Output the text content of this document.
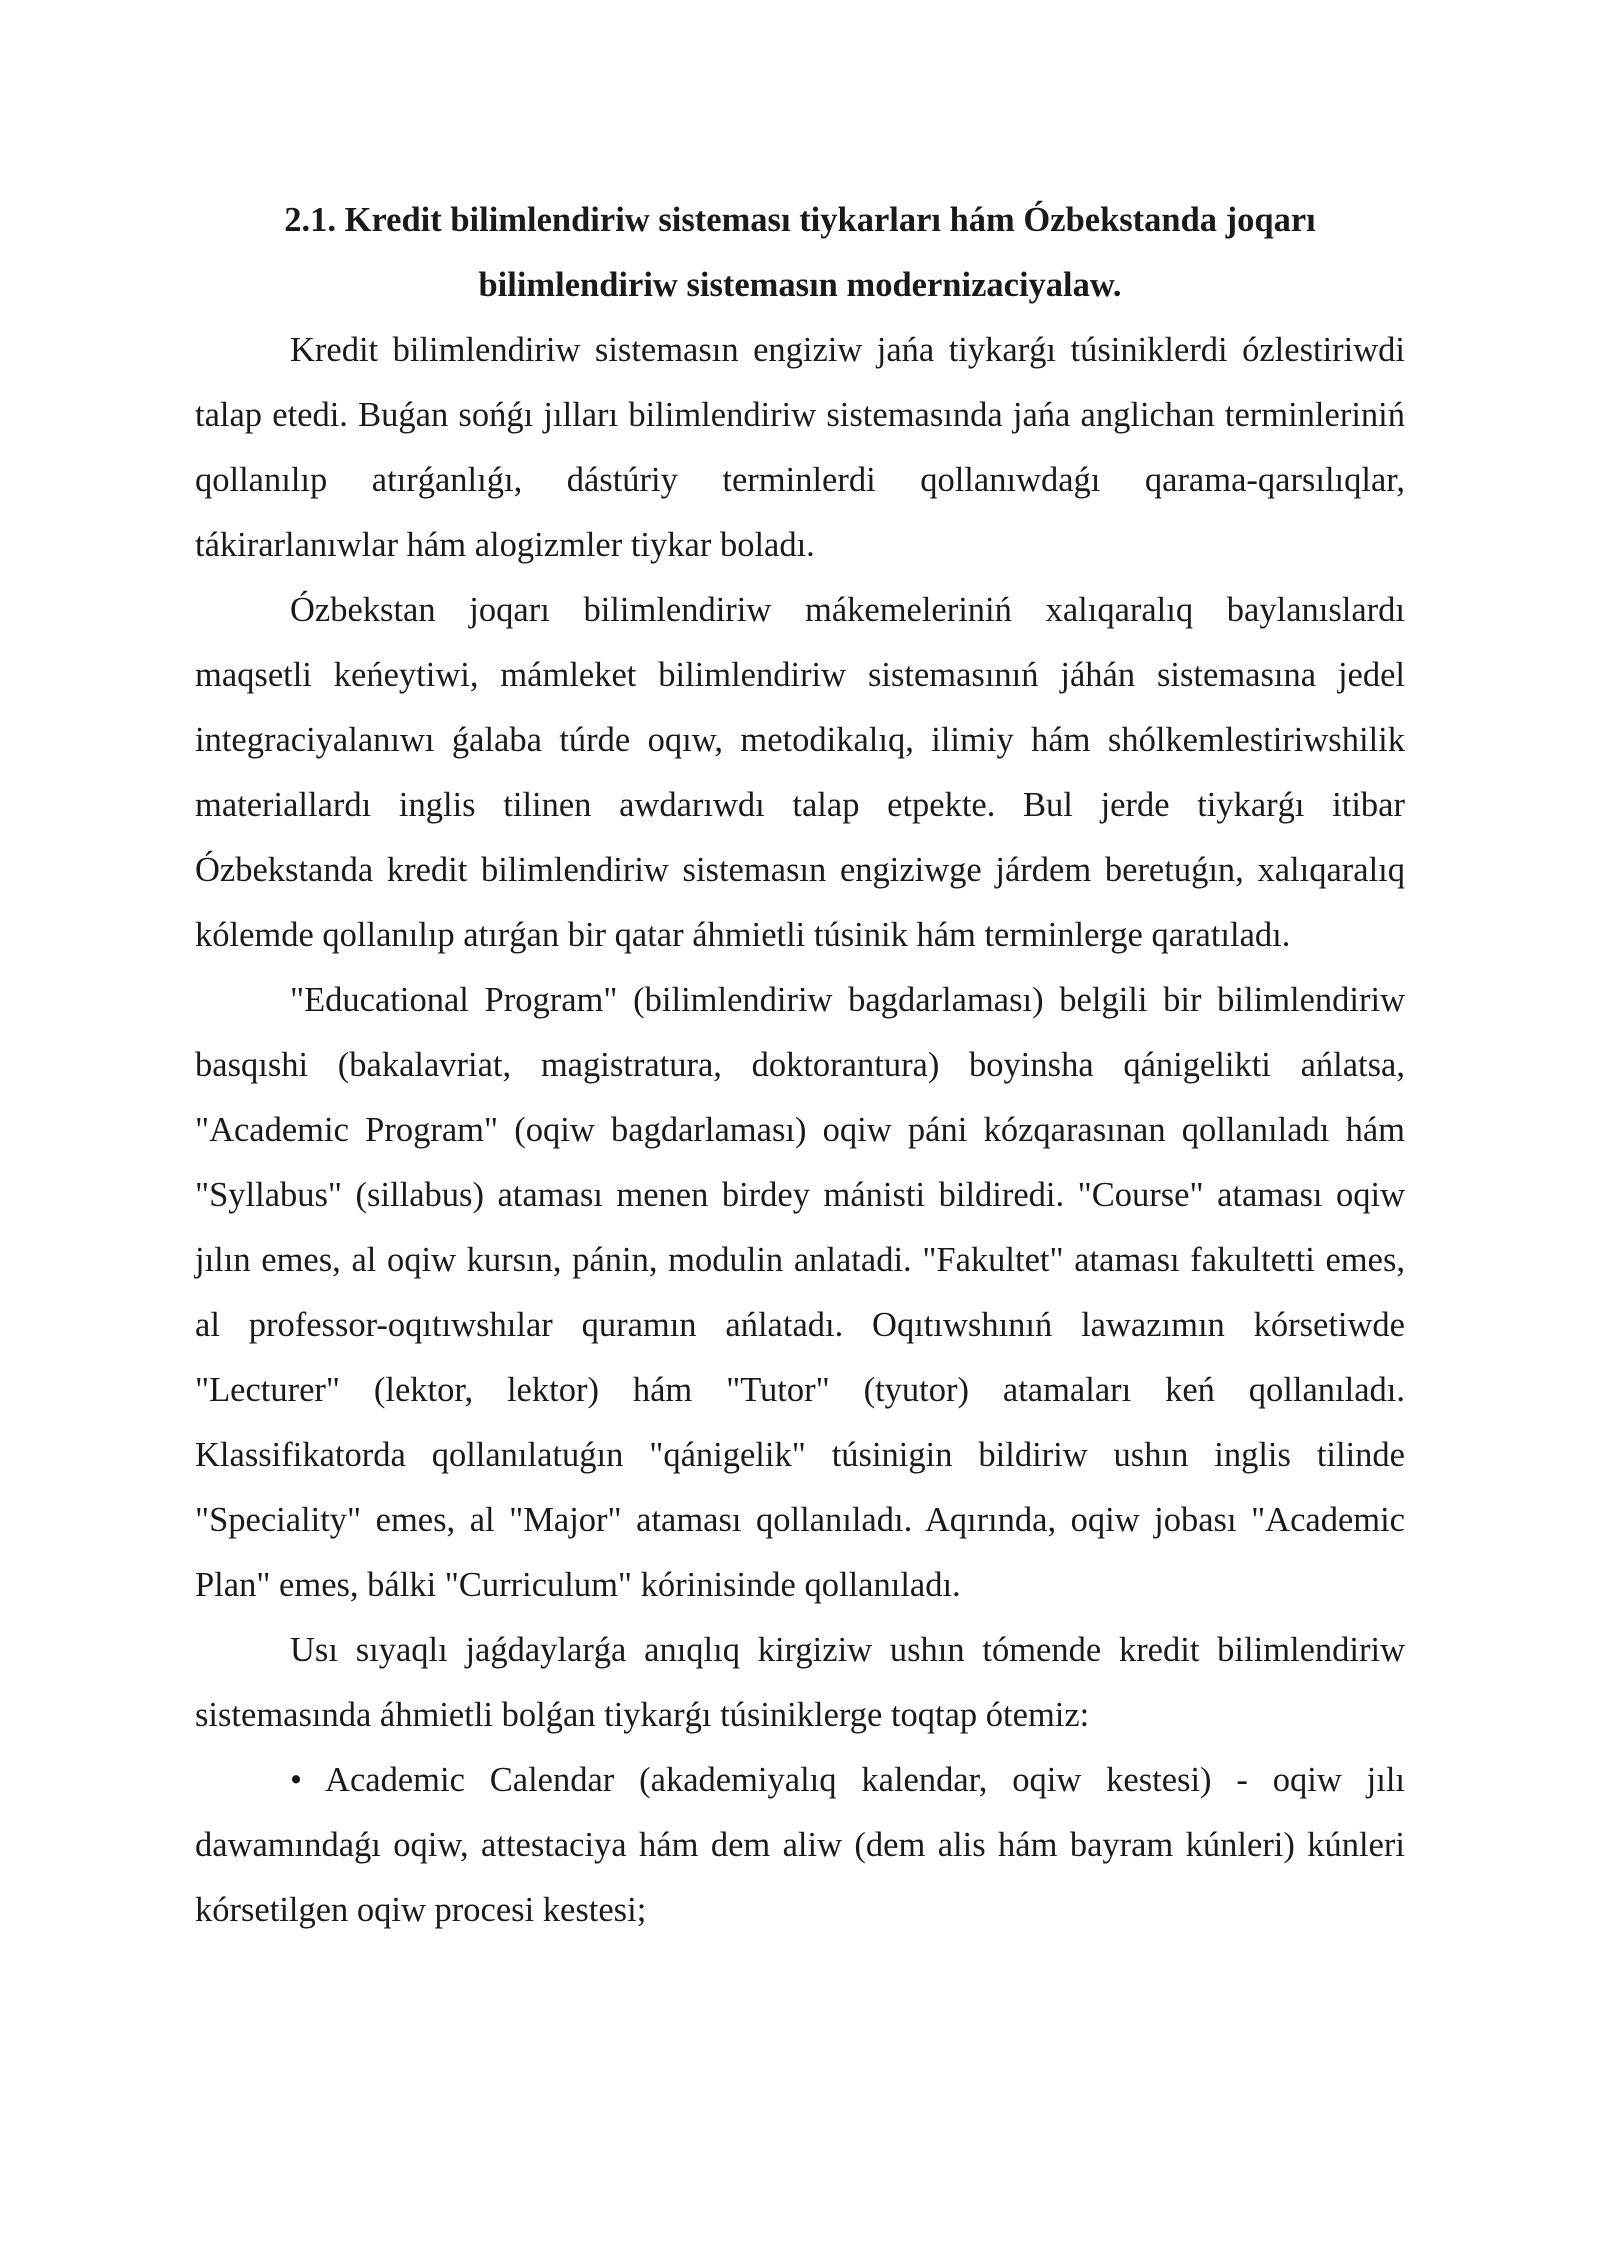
2.1. Kredit bilimlendiriw sisteması tiykarları hám Ózbekstanda joqarı
bilimlendiriw sistemasın modernizaciyalaw.

Kredit bilimlendiriw sistemasın engiziw jańa tiykarǵı túsiniklerdi ózlestiriwdi talap etedi. Buǵan sońǵı jılları bilimlendiriw sistemasında jańa anglichan terminleriniń qollanılıp atırǵanlıǵı, dástúriy terminlerdi qollanıwdaǵı qarama-qarsılıqlar, tákirarlanıwlar hám alogizmler tiykar boladı.

Ózbekstan joqarı bilimlendiriw mákemeleriniń xalıqaralıq baylanıslardı maqsetli keńeytiwi, mámleket bilimlendiriw sistemasınıń jáhán sistemasına jedel integraciyalanıwı ǵalaba túrde oqıw, metodikalıq, ilimiy hám shólkemlestiriwshilik materiallardı inglis tilinen awdarıwdı talap etpekte. Bul jerde tiykarǵı itibar Ózbekstanda kredit bilimlendiriw sistemasın engiziwge járdem beretuǵın, xalıqaralıq kólemde qollanılıp atırǵan bir qatar áhmietli túsinik hám terminlerge qaratıladı.

"Educational Program" (bilimlendiriw bagdarlaması) belgili bir bilimlendiriw basqıshi (bakalavriat, magistratura, doktorantura) boyinsha qánigelikti ańlatsa, "Academic Program" (oqiw bagdarlaması) oqiw páni kózqarasınan qollanıladı hám "Syllabus" (sillabus) ataması menen birdey mánisti bildiredi. "Course" ataması oqiw jılın emes, al oqiw kursın, pánin, modulin anlatadi. "Fakultet" ataması fakultetti emes, al professor-oqıtıwshılar quramın ańlatadı. Oqıtıwshınıń lawazımın kórsetiwde "Lecturer" (lektor, lektor) hám "Tutor" (tyutor) atamaları keń qollanıladı. Klassifikatorda qollanılatuǵın "qánigelik" túsinigin bildiriw ushın inglis tilinde "Speciality" emes, al "Major" ataması qollanıladı. Aqırında, oqiw jobası "Academic Plan" emes, bálki "Curriculum" kórinisinde qollanıladı.

Usı sıyaqlı jaǵdaylarǵa anıqlıq kirgiziw ushın tómende kredit bilimlendiriw sistemasında áhmietli bolǵan tiykarǵı túsiniklerge toqtap ótemiz:

• Academic Calendar (akademiyalıq kalendar, oqiw kestesi) - oqiw jılı dawamındaǵı oqiw, attestaciya hám dem aliw (dem alis hám bayram kúnleri) kúnleri kórsetilgen oqiw procesi kestesi;
